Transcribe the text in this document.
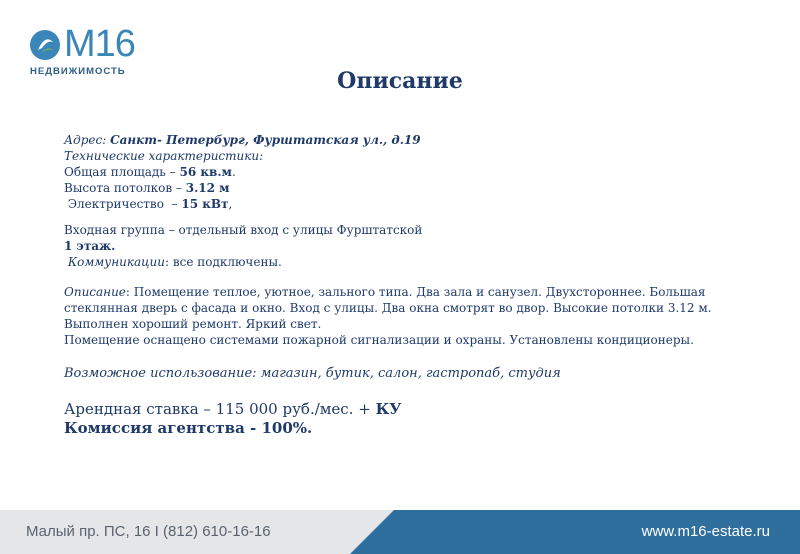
M16
НЕДВИЖИМОСТЬ	Описание

Адрес: Санкт- Петербург, Фурштатская ул., д.19

Технические характеристики:

Общая площадь – 56 кв.м.

Высота потолков – 3.12 м

Электричество  – 15 кВт,

Входная группа – отдельный вход с улицы Фурштатской

1 этаж.

Коммуникации: все подключены.

Описание: Помещение теплое, уютное, зального типа. Два зала и санузел. Двухстороннее. Большая

стеклянная дверь с фасада и окно. Вход с улицы. Два окна смотрят во двор. Высокие потолки 3.12 м.

Выполнен хороший ремонт. Яркий свет.

Помещение оснащено системами пожарной сигнализации и охраны. Установлены кондиционеры.

Возможное использование: магазин, бутик, салон, гастропаб, студия

Арендная ставка – 115 000 руб./мес. + КУ

Комиссия агентства - 100%.

Малый пр. ПС, 16 I (812) 610-16-16	www.m16-estate.ru
